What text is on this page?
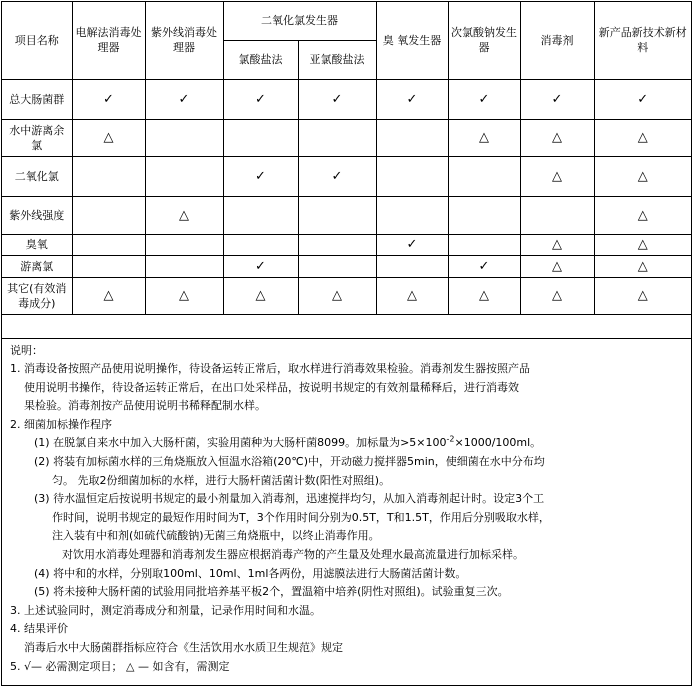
项目名称	电解法消毒处理器	紫外线消毒处理器	二氧化氯发生器		臭 氧发生器	次氯酸钠发生器	消毒剂	新产品新技术新材料
			氯酸盐法	亚氯酸盐法				
总大肠菌群	✓	✓	✓	✓	✓	✓	✓	✓
水中游离余氯	△					△	△	△
二氧化氯			✓	✓			△	△
紫外线强度		△						△
臭氧					✓		△	△
游离氯			✓			✓	△	△
其它(有效消毒成分)	△	△	△	△	△	△	△	△

说明：
1. 消毒设备按照产品使用说明操作，待设备运转正常后，取水样进行消毒效果检验。消毒剂发生器按照产品
使用说明书操作，待设备运转正常后，在出口处采样品，按说明书规定的有效剂量稀释后，进行消毒效
果检验。消毒剂按产品使用说明书稀释配制水样。
2. 细菌加标操作程序
(1) 在脱氯自来水中加入大肠杆菌，实验用菌种为大肠杆菌8099。加标量为$>5\times 100^{-2}\times 1000/100ml$。
(2) 将装有加标菌水样的三角烧瓶放入恒温水浴箱(20℃)中，开动磁力搅拌器5min，使细菌在水中分布均
匀。 先取2份细菌加标的水样，进行大肠杆菌活菌计数(阳性对照组)。
(3) 待水温恒定后按说明书规定的最小剂量加入消毒剂，迅速搅拌均匀，从加入消毒剂起计时。设定3个工
作时间，说明书规定的最短作用时间为T，3个作用时间分别为0.5T，T和1.5T，作用后分别吸取水样，
注入装有中和剂(如硫代硫酸钠)无菌三角烧瓶中，以终止消毒作用。
对饮用水消毒处理器和消毒剂发生器应根据消毒产物的产生量及处理水最高流量进行加标采样。
(4) 将中和的水样，分别取100ml、10ml、1ml各两份，用滤膜法进行大肠菌活菌计数。
(5) 将未接种大肠杆菌的试验用同批培养基平板2个，置温箱中培养(阴性对照组)。试验重复三次。
3. 上述试验同时，测定消毒成分和剂量，记录作用时间和水温。
4. 结果评价
消毒后水中大肠菌群指标应符合《生活饮用水水质卫生规范》规定
5. √— 必需测定项目； △ — 如含有，需测定
